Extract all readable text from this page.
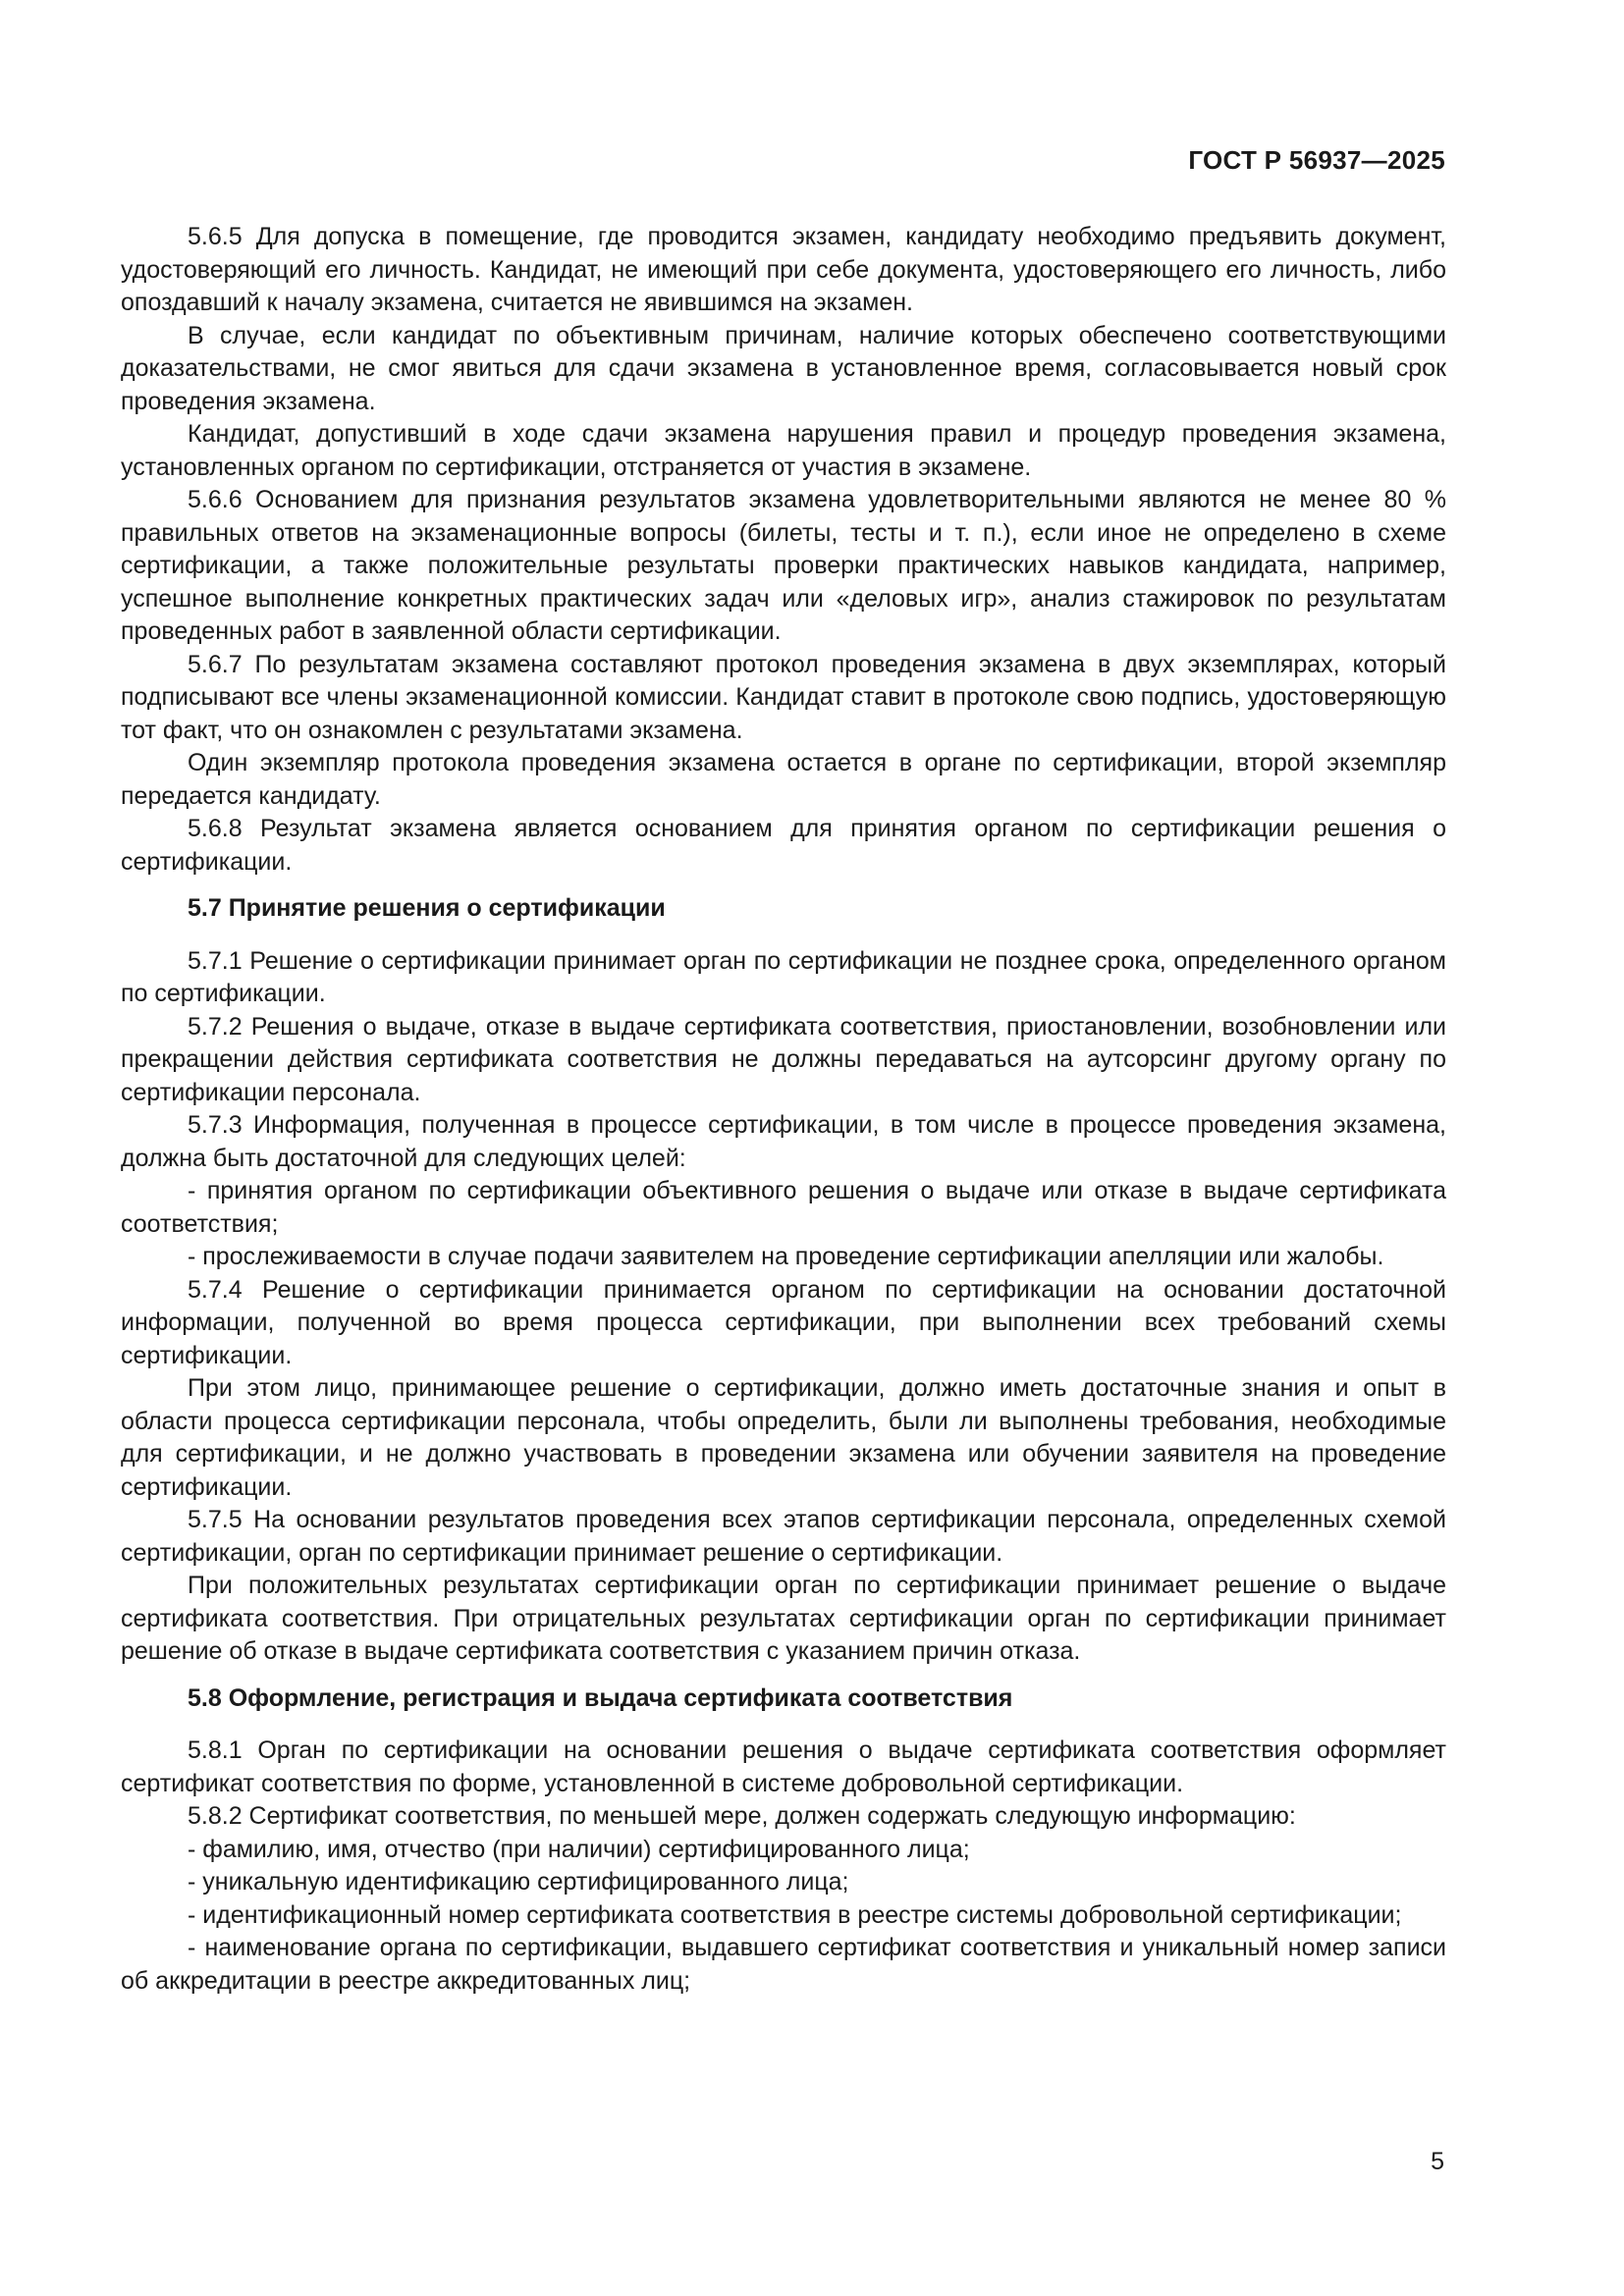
ГОСТ Р 56937—2025

5.6.5 Для допуска в помещение, где проводится экзамен, кандидату необходимо предъявить документ, удостоверяющий его личность. Кандидат, не имеющий при себе документа, удостоверяющего его личность, либо опоздавший к началу экзамена, считается не явившимся на экзамен.

В случае, если кандидат по объективным причинам, наличие которых обеспечено соответствующими доказательствами, не смог явиться для сдачи экзамена в установленное время, согласовывается новый срок проведения экзамена.

Кандидат, допустивший в ходе сдачи экзамена нарушения правил и процедур проведения экзамена, установленных органом по сертификации, отстраняется от участия в экзамене.

5.6.6 Основанием для признания результатов экзамена удовлетворительными являются не менее 80 % правильных ответов на экзаменационные вопросы (билеты, тесты и т. п.), если иное не определено в схеме сертификации, а также положительные результаты проверки практических навыков кандидата, например, успешное выполнение конкретных практических задач или «деловых игр», анализ стажировок по результатам проведенных работ в заявленной области сертификации.

5.6.7 По результатам экзамена составляют протокол проведения экзамена в двух экземплярах, который подписывают все члены экзаменационной комиссии. Кандидат ставит в протоколе свою подпись, удостоверяющую тот факт, что он ознакомлен с результатами экзамена.

Один экземпляр протокола проведения экзамена остается в органе по сертификации, второй экземпляр передается кандидату.

5.6.8 Результат экзамена является основанием для принятия органом по сертификации решения о сертификации.

5.7 Принятие решения о сертификации

5.7.1 Решение о сертификации принимает орган по сертификации не позднее срока, определенного органом по сертификации.

5.7.2 Решения о выдаче, отказе в выдаче сертификата соответствия, приостановлении, возобновлении или прекращении действия сертификата соответствия не должны передаваться на аутсорсинг другому органу по сертификации персонала.

5.7.3 Информация, полученная в процессе сертификации, в том числе в процессе проведения экзамена, должна быть достаточной для следующих целей:

- принятия органом по сертификации объективного решения о выдаче или отказе в выдаче сертификата соответствия;

- прослеживаемости в случае подачи заявителем на проведение сертификации апелляции или жалобы.

5.7.4 Решение о сертификации принимается органом по сертификации на основании достаточной информации, полученной во время процесса сертификации, при выполнении всех требований схемы сертификации.

При этом лицо, принимающее решение о сертификации, должно иметь достаточные знания и опыт в области процесса сертификации персонала, чтобы определить, были ли выполнены требования, необходимые для сертификации, и не должно участвовать в проведении экзамена или обучении заявителя на проведение сертификации.

5.7.5 На основании результатов проведения всех этапов сертификации персонала, определенных схемой сертификации, орган по сертификации принимает решение о сертификации.

При положительных результатах сертификации орган по сертификации принимает решение о выдаче сертификата соответствия. При отрицательных результатах сертификации орган по сертификации принимает решение об отказе в выдаче сертификата соответствия с указанием причин отказа.

5.8 Оформление, регистрация и выдача сертификата соответствия

5.8.1 Орган по сертификации на основании решения о выдаче сертификата соответствия оформляет сертификат соответствия по форме, установленной в системе добровольной сертификации.

5.8.2 Сертификат соответствия, по меньшей мере, должен содержать следующую информацию:

- фамилию, имя, отчество (при наличии) сертифицированного лица;

- уникальную идентификацию сертифицированного лица;

- идентификационный номер сертификата соответствия в реестре системы добровольной сертификации;

- наименование органа по сертификации, выдавшего сертификат соответствия и уникальный номер записи об аккредитации в реестре аккредитованных лиц;

5
